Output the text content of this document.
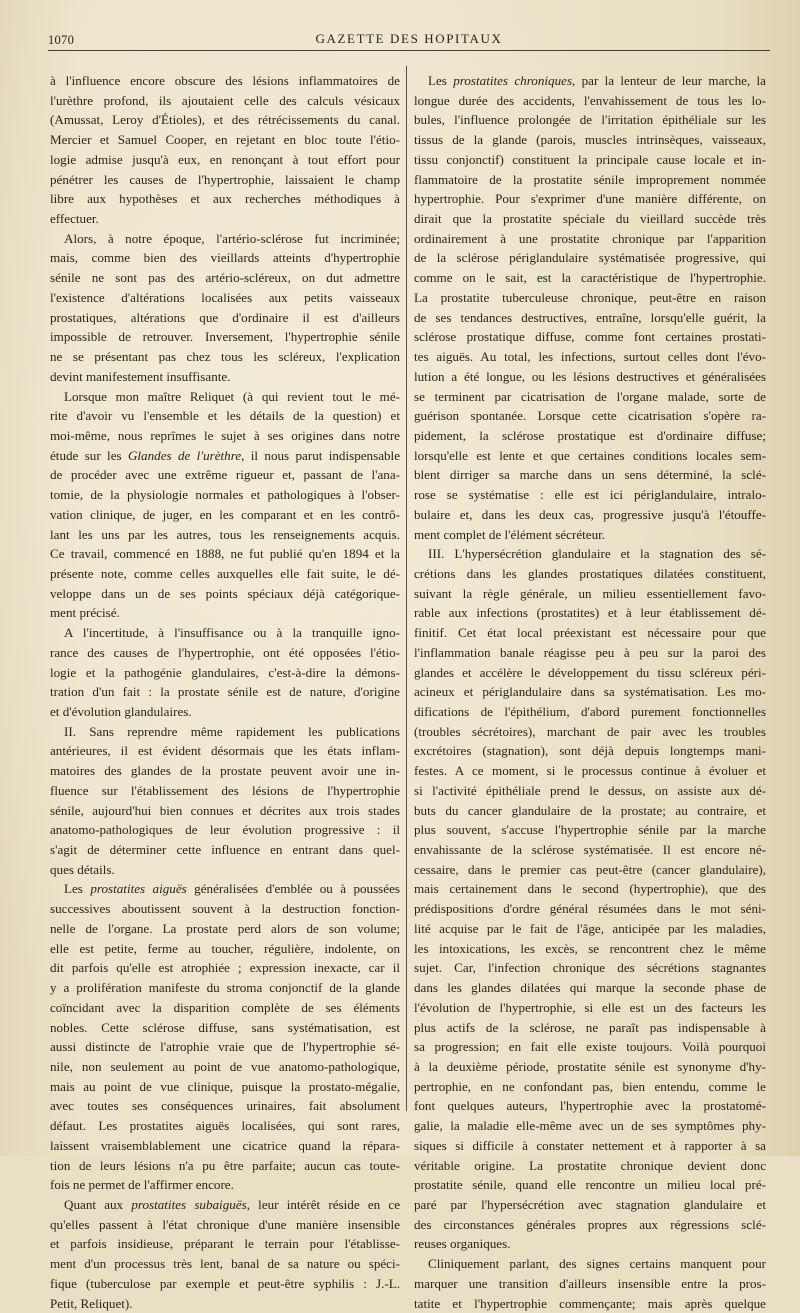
1070	GAZETTE DES HOPITAUX
à l'influence encore obscure des lésions inflammatoires de
l'urèthre profond, ils ajoutaient celle des calculs vésicaux
(Amussat, Leroy d'Étioles), et des rétrécissements du canal.
Mercier et Samuel Cooper, en rejetant en bloc toute l'étio-
logie admise jusqu'à eux, en renonçant à tout effort pour
pénétrer les causes de l'hypertrophie, laissaient le champ
libre aux hypothèses et aux recherches méthodiques à
effectuer.
Alors, à notre époque, l'artério-sclérose fut incriminée;
mais, comme bien des vieillards atteints d'hypertrophie
sénile ne sont pas des artério-scléreux, on dut admettre
l'existence d'altérations localisées aux petits vaisseaux
prostatiques, altérations que d'ordinaire il est d'ailleurs
impossible de retrouver. Inversement, l'hypertrophie sénile
ne se présentant pas chez tous les scléreux, l'explication
devint manifestement insuffisante.
Lorsque mon maître Reliquet (à qui revient tout le mé-
rite d'avoir vu l'ensemble et les détails de la question) et
moi-même, nous reprîmes le sujet à ses origines dans notre
étude sur les Glandes de l'urèthre, il nous parut indispensable
de procéder avec une extrême rigueur et, passant de l'ana-
tomie, de la physiologie normales et pathologiques à l'obser-
vation clinique, de juger, en les comparant et en les contrô-
lant les uns par les autres, tous les renseignements acquis.
Ce travail, commencé en 1888, ne fut publié qu'en 1894 et la
présente note, comme celles auxquelles elle fait suite, le dé-
veloppe dans un de ses points spéciaux déjà catégorique-
ment précisé.
A l'incertitude, à l'insuffisance ou à la tranquille igno-
rance des causes de l'hypertrophie, ont été opposées l'étio-
logie et la pathogénie glandulaires, c'est-à-dire la démons-
tration d'un fait : la prostate sénile est de nature, d'origine
et d'évolution glandulaires.
II. Sans reprendre même rapidement les publications
antérieures, il est évident désormais que les états inflam-
matoires des glandes de la prostate peuvent avoir une in-
fluence sur l'établissement des lésions de l'hypertrophie
sénile, aujourd'hui bien connues et décrites aux trois stades
anatomo-pathologiques de leur évolution progressive : il
s'agit de déterminer cette influence en entrant dans quel-
ques détails.
Les prostatites aiguës généralisées d'emblée ou à poussées
successives aboutissent souvent à la destruction fonction-
nelle de l'organe. La prostate perd alors de son volume;
elle est petite, ferme au toucher, régulière, indolente, on
dit parfois qu'elle est atrophiée ; expression inexacte, car il
y a prolifération manifeste du stroma conjonctif de la glande
coïncidant avec la disparition complète de ses éléments
nobles. Cette sclérose diffuse, sans systématisation, est
aussi distincte de l'atrophie vraie que de l'hypertrophie sé-
nile, non seulement au point de vue anatomo-pathologique,
mais au point de vue clinique, puisque la prostato-mégalie,
avec toutes ses conséquences urinaires, fait absolument
défaut. Les prostatites aiguës localisées, qui sont rares,
laissent vraisemblablement une cicatrice quand la répara-
tion de leurs lésions n'a pu être parfaite; aucun cas toute-
fois ne permet de l'affirmer encore.
Quant aux prostatites subaiguës, leur intérêt réside en ce
qu'elles passent à l'état chronique d'une manière insensible
et parfois insidieuse, préparant le terrain pour l'établisse-
ment d'un processus très lent, banal de sa nature ou spéci-
fique (tuberculose par exemple et peut-être syphilis : J.-L.
Petit, Reliquet).
Les prostatites chroniques, par la lenteur de leur marche, la
longue durée des accidents, l'envahissement de tous les lo-
bules, l'influence prolongée de l'irritation épithéliale sur les
tissus de la glande (parois, muscles intrinsèques, vaisseaux,
tissu conjonctif) constituent la principale cause locale et in-
flammatoire de la prostatite sénile improprement nommée
hypertrophie. Pour s'exprimer d'une manière différente, on
dirait que la prostatite spéciale du vieillard succède très
ordinairement à une prostatite chronique par l'apparition
de la sclérose périglandulaire systématisée progressive, qui
comme on le sait, est la caractéristique de l'hypertrophie.
La prostatite tuberculeuse chronique, peut-être en raison
de ses tendances destructives, entraîne, lorsqu'elle guérit, la
sclérose prostatique diffuse, comme font certaines prostati-
tes aiguës. Au total, les infections, surtout celles dont l'évo-
lution a été longue, ou les lésions destructives et généralisées
se terminent par cicatrisation de l'organe malade, sorte de
guérison spontanée. Lorsque cette cicatrisation s'opère ra-
pidement, la sclérose prostatique est d'ordinaire diffuse;
lorsqu'elle est lente et que certaines conditions locales sem-
blent dirriger sa marche dans un sens déterminé, la sclé-
rose se systématise : elle est ici périglandulaire, intralo-
bulaire et, dans les deux cas, progressive jusqu'à l'étouffe-
ment complet de l'élément sécréteur.
III. L'hypersécrétion glandulaire et la stagnation des sé-
crétions dans les glandes prostatiques dilatées constituent,
suivant la règle générale, un milieu essentiellement favo-
rable aux infections (prostatites) et à leur établissement dé-
finitif. Cet état local préexistant est nécessaire pour que
l'inflammation banale réagisse peu à peu sur la paroi des
glandes et accélère le développement du tissu scléreux péri-
acineux et périglandulaire dans sa systématisation. Les mo-
difications de l'épithélium, d'abord purement fonctionnelles
(troubles sécrétoires), marchant de pair avec les troubles
excrétoires (stagnation), sont déjà depuis longtemps mani-
festes. A ce moment, si le processus continue à évoluer et
si l'activité épithéliale prend le dessus, on assiste aux dé-
buts du cancer glandulaire de la prostate; au contraire, et
plus souvent, s'accuse l'hypertrophie sénile par la marche
envahissante de la sclérose systématisée. Il est encore né-
cessaire, dans le premier cas peut-être (cancer glandulaire),
mais certainement dans le second (hypertrophie), que des
prédispositions d'ordre général résumées dans le mot séni-
lité acquise par le fait de l'âge, anticipée par les maladies,
les intoxications, les excès, se rencontrent chez le même
sujet. Car, l'infection chronique des sécrétions stagnantes
dans les glandes dilatées qui marque la seconde phase de
l'évolution de l'hypertrophie, si elle est un des facteurs les
plus actifs de la sclérose, ne paraît pas indispensable à
sa progression; en fait elle existe toujours. Voilà pourquoi
à la deuxième période, prostatite sénile est synonyme d'hy-
pertrophie, en ne confondant pas, bien entendu, comme le
font quelques auteurs, l'hypertrophie avec la prostatomé-
galie, la maladie elle-même avec un de ses symptômes phy-
siques si difficile à constater nettement et à rapporter à sa
véritable origine. La prostatite chronique devient donc
prostatite sénile, quand elle rencontre un milieu local pré-
paré par l'hypersécrétion avec stagnation glandulaire et
des circonstances générales propres aux régressions sclé-
reuses organiques.
Cliniquement parlant, des signes certains manquent pour
marquer une transition d'ailleurs insensible entre la pros-
tatite et l'hypertrophie commençante; mais après quelque
